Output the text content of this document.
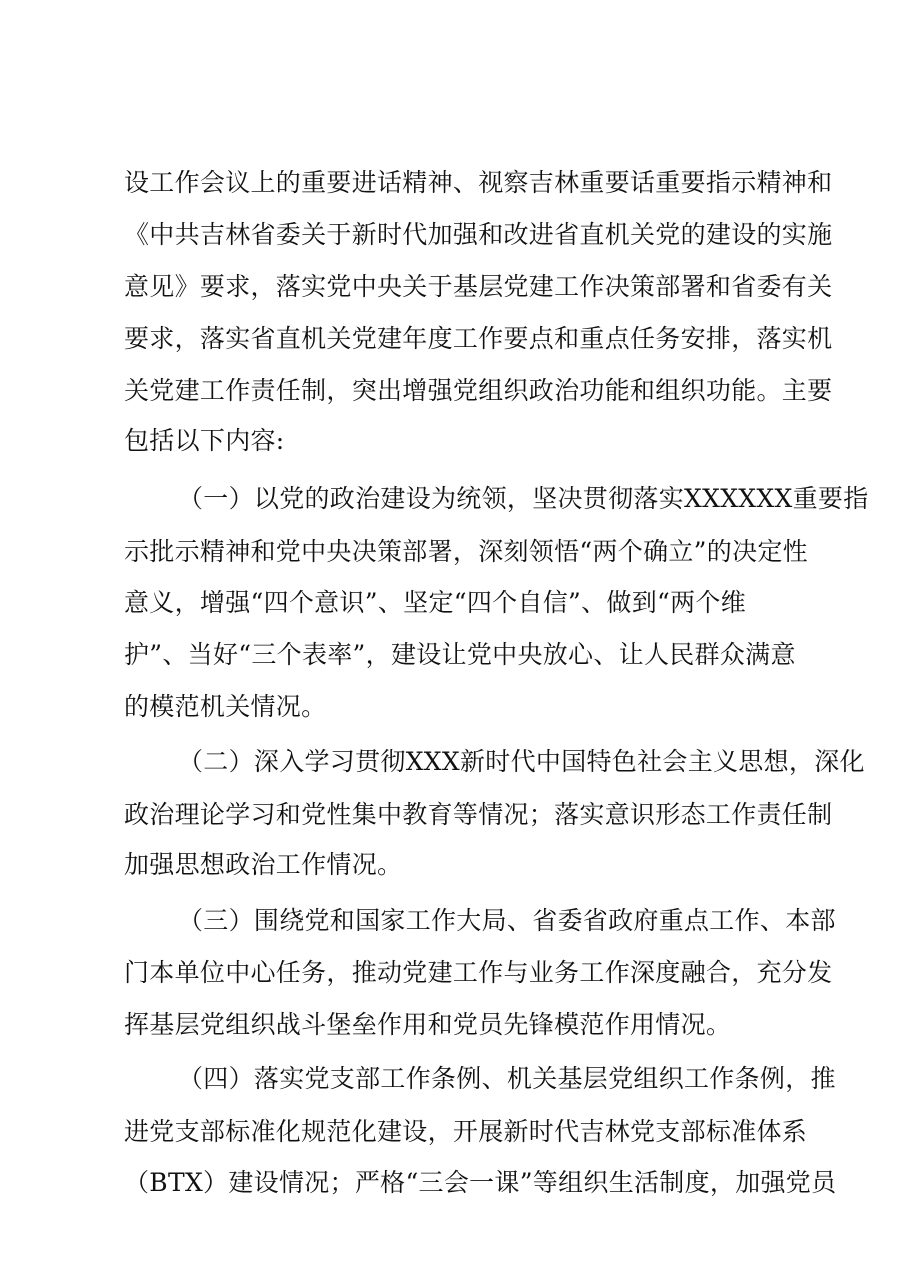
设工作会议上的重要进话精神、视察吉林重要话重要指示精神和
《中共吉林省委关于新时代加强和改进省直机关党的建设的实施
意见》要求，落实党中央关于基层党建工作决策部署和省委有关
要求，落实省直机关党建年度工作要点和重点任务安排，落实机
关党建工作责任制，突出增强党组织政治功能和组织功能。主要
包括以下内容:
（一）以党的政治建设为统领，坚决贯彻落实XXXXXX重要指
示批示精神和党中央决策部署，深刻领悟“两个确立”的决定性
意义，增强“四个意识”、坚定“四个自信”、做到“两个维
护”、当好“三个表率”，建设让党中央放心、让人民群众满意
的模范机关情况。
（二）深入学习贯彻XXX新时代中国特色社会主义思想，深化
政治理论学习和党性集中教育等情况；落实意识形态工作责任制
加强思想政治工作情况。
（三）围绕党和国家工作大局、省委省政府重点工作、本部
门本单位中心任务，推动党建工作与业务工作深度融合，充分发
挥基层党组织战斗堡垒作用和党员先锋模范作用情况。
（四）落实党支部工作条例、机关基层党组织工作条例，推
进党支部标准化规范化建设，开展新时代吉林党支部标准体系
（BTX）建设情况；严格“三会一课”等组织生活制度，加强党员
